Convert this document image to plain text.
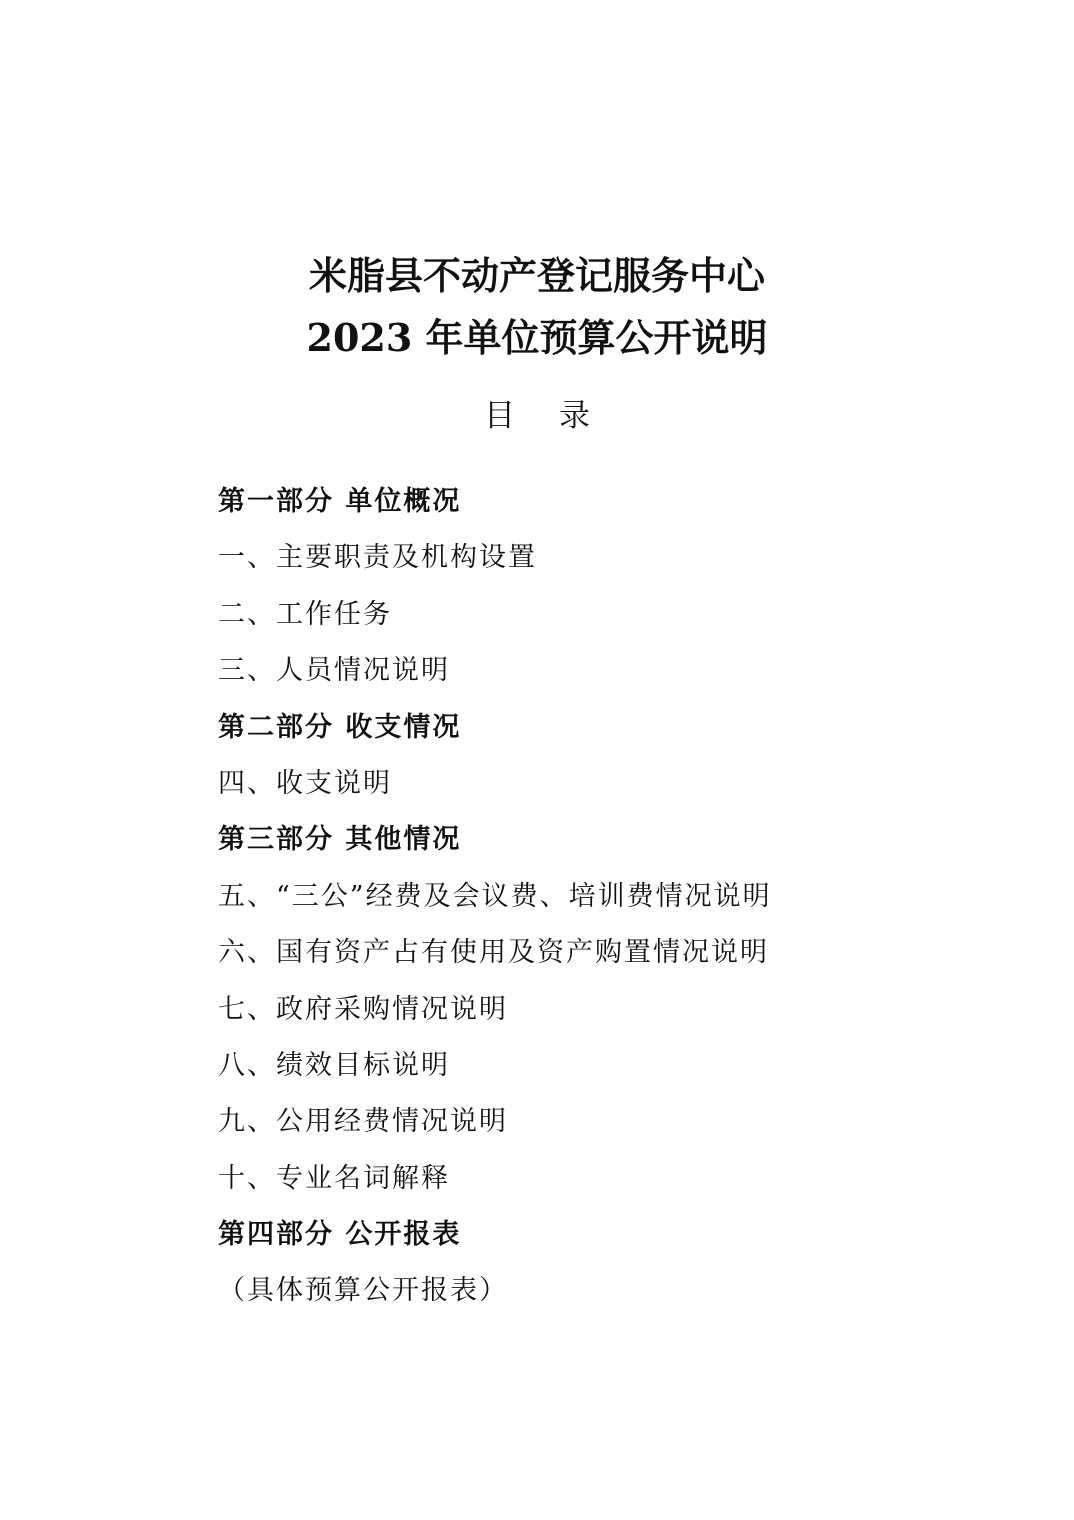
米脂县不动产登记服务中心
2023 年单位预算公开说明
目录
第一部分 单位概况
一、主要职责及机构设置
二、工作任务
三、人员情况说明
第二部分 收支情况
四、收支说明
第三部分 其他情况
五、“三公”经费及会议费、培训费情况说明
六、国有资产占有使用及资产购置情况说明
七、政府采购情况说明
八、绩效目标说明
九、公用经费情况说明
十、专业名词解释
第四部分 公开报表
（具体预算公开报表）
